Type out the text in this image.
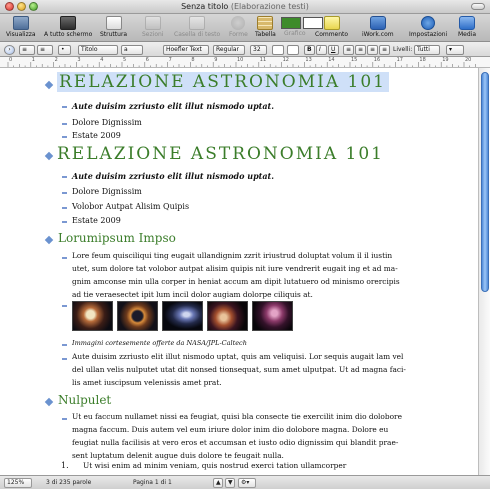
Senza titolo (Elaborazione testi)
Visualizza A tutto schermo Struttura Sezioni Casella di testo Forme Tabella Grafico Commento iWork.com	Impostazioni Media
›	≡	≡	•	Titolo	a	Hoefler Text	Regular	32	B	I	U	≡	≡	≡	≡ Livelli: Tutti	▾
0	1	2	3	4	5	6	7	8	9	10	11	12	13	14	15	16	17	18	19	20
RELAZIONE ASTRONOMIA 101
Aute duisim zzriusto elit illut nismodo uptat.
Dolore Dignissim
Estate 2009
RELAZIONE ASTRONOMIA 101
Aute duisim zzriusto elit illut nismodo uptat.
Dolore Dignissim
Volobor Autpat Alisim Quipis
Estate 2009
Lorumipsum Impso
Lore feum quisciliqui ting eugait ullandignim zzrit iriustrud doluptat volum il il iustin
utet, sum dolore tat volobor autpat alisim quipis nit iure vendrerit eugait ing et ad ma-
gnim amconse min ulla corper in heniat accum am dipit lutatuero od minismo orercipis
ad tie veraesectet ipit lum incil dolor augiam dolorpe ciliquis at.
Immagini cortesemente offerte da NASA/JPL-Caltech
Aute duisim zzriusto elit illut nismodo uptat, quis am veliquisi. Lor sequis augait lam vel
del ullan velis nulputet utat dit nonsed tionsequat, sum amet ulputpat. Ut ad magna faci-
lis amet iuscipsum velenissis amet prat.
Nulpulet
Ut eu faccum nullamet nissi ea feugiat, quisi bla consecte tie exercilit inim dio dolobore
magna faccum. Duis autem vel eum iriure dolor inim dio dolobore magna. Dolore eu
feugiat nulla facilisis at vero eros et accumsan et iusto odio dignissim qui blandit prae-
sent luptatum delenit augue duis dolore te feugait nulla.
1. Ut wisi enim ad minim veniam, quis nostrud exerci tation ullamcorper
125%	3 di 235 parole	Pagina 1 di 1	▲	▼	⚙▾
